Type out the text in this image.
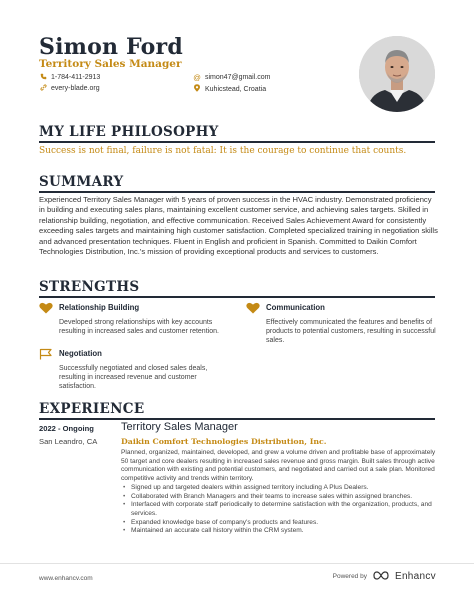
Simon Ford
Territory Sales Manager
1-784-411-2913
every-blade.org
@ simon47@gmail.com
Kuhicstead, Croatia
MY LIFE PHILOSOPHY
Success is not final, failure is not fatal: It is the courage to continue that counts.
SUMMARY
Experienced Territory Sales Manager with 5 years of proven success in the HVAC industry. Demonstrated proficiency in building and executing sales plans, maintaining excellent customer service, and achieving sales targets. Skilled in relationship building, negotiation, and effective communication. Received Sales Achievement Award for consistently exceeding sales targets and maintaining high customer satisfaction. Completed specialized training in negotiation skills and advanced presentation techniques. Fluent in English and proficient in Spanish. Committed to Daikin Comfort Technologies Distribution, Inc.'s mission of providing exceptional products and services to customers.
STRENGTHS
Relationship Building
Developed strong relationships with key accounts resulting in increased sales and customer retention.
Communication
Effectively communicated the features and benefits of products to potential customers, resulting in successful sales.
Negotiation
Successfully negotiated and closed sales deals, resulting in increased revenue and customer satisfaction.
EXPERIENCE
2022 - Ongoing
San Leandro, CA
Territory Sales Manager
Daikin Comfort Technologies Distribution, Inc.
Planned, organized, maintained, developed, and grew a volume driven and profitable base of approximately 50 target and core dealers resulting in increased sales revenue and gross margin. Built sales through active communication with existing and potential customers, and negotiated and carried out a sale plan. Monitored competitive activity and trends within territory.
• Signed up and targeted dealers within assigned territory including A Plus Dealers.
• Collaborated with Branch Managers and their teams to increase sales within assigned branches.
• Interfaced with corporate staff periodically to determine satisfaction with the organization, products, and services.
• Expanded knowledge base of company's products and features.
• Maintained an accurate call history within the CRM system.
www.enhancv.com	Powered by	Enhancv
